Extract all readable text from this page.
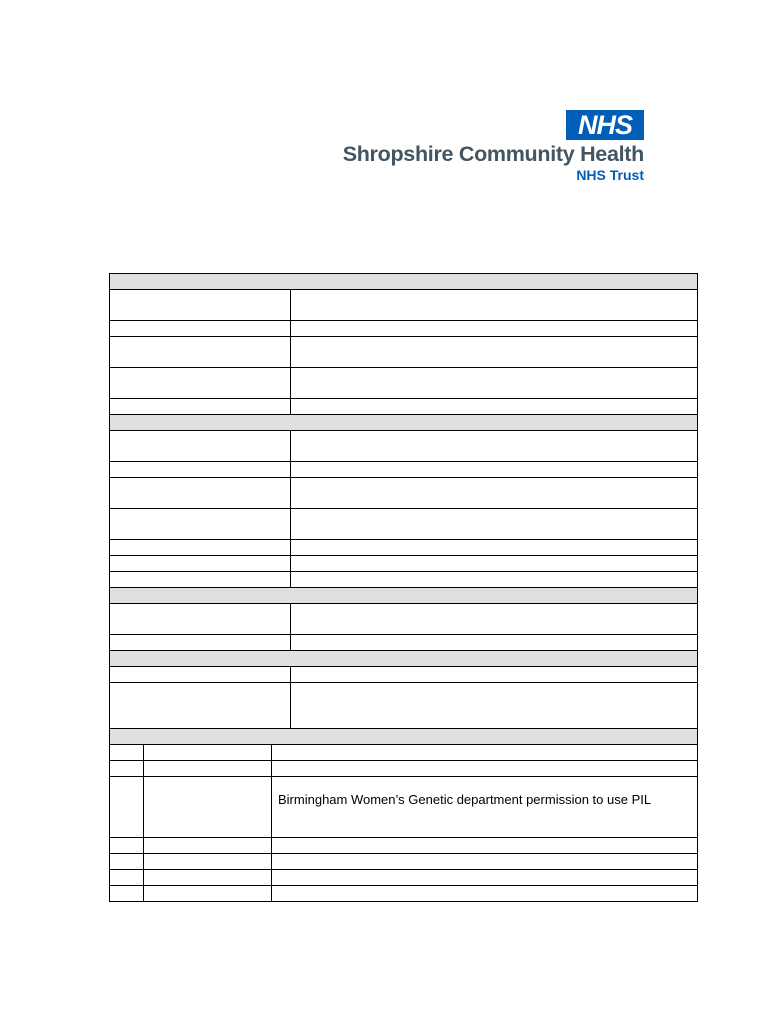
NHS
Shropshire Community Health
NHS Trust

		Birmingham Women’s Genetic department permission to use PIL	
